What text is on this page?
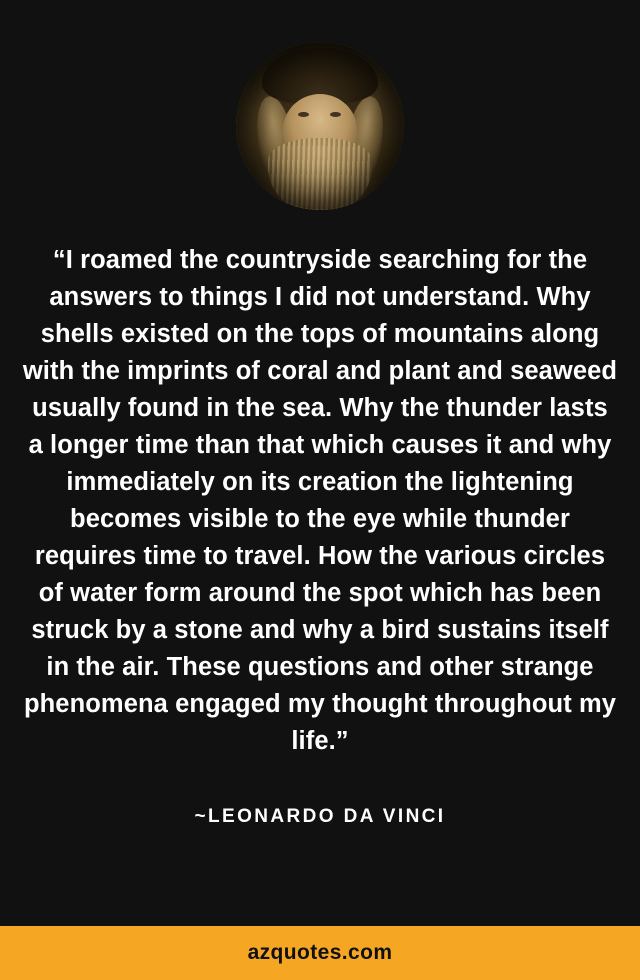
“I roamed the countryside searching for the answers to things I did not understand. Why shells existed on the tops of mountains along with the imprints of coral and plant and seaweed usually found in the sea. Why the thunder lasts a longer time than that which causes it and why immediately on its creation the lightening becomes visible to the eye while thunder requires time to travel. How the various circles of water form around the spot which has been struck by a stone and why a bird sustains itself in the air. These questions and other strange phenomena engaged my thought throughout my life.”
~LEONARDO DA VINCI
azquotes.com
